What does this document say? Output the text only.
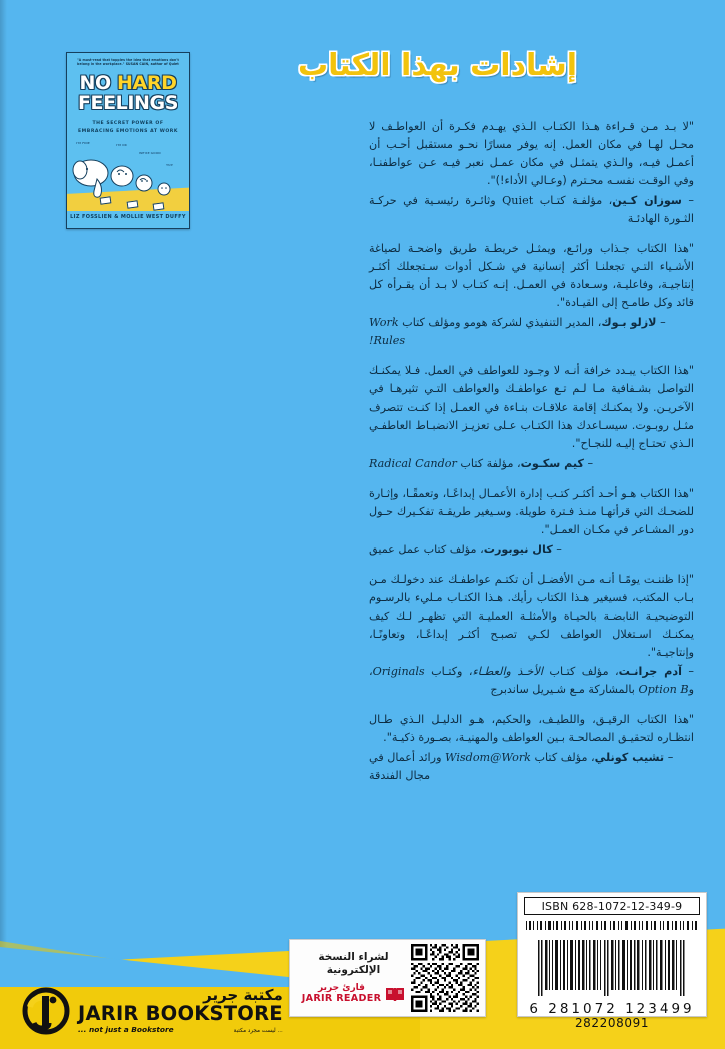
إشادات بهذا الكتاب
"A must-read that topples the idea that emotions don't belong in the workplace." SUSAN CAIN, author of Quiet
NO HARD
FEELINGS
THE SECRET POWER OF
EMBRACING EMOTIONS AT WORK
I'M FINE	I'M OK
WE'RE GOOD
YUP
LIZ FOSSLIEN & MOLLIE WEST DUFFY
"لا بـد مـن قـراءة هـذا الكتـاب الـذي يهـدم فكـرة أن العواطـف لا محـل لهـا في مكان العمل. إنه يوفر مسارًا نحـو مستقبل أحـب أن أعمـل فيـه، والـذي يتمثـل في مكان عمـل نعبر فيـه عـن عواطفنـا، وفي الوقـت نفسـه محـترم (وعـالي الأداء!)".
– سوزان كـين، مؤلفـة كتـاب Quiet وثائـرة رئيسـية في حركـة الثـورة الهادئـة
"هذا الكتاب جـذاب ورائـع، ويمثـل خريطـة طريق واضحـة لصياغة الأشـياء التـي تجعلنـا أكثر إنسانية في شـكل أدوات سـتجعلك أكثـر إنتاجيـة، وفاعليـة، وسـعادة في العمـل. إنـه كتـاب لا بـد أن يقـرأه كل قائد وكل طامـح إلى القيـادة".
– لازلو بـوك، المدير التنفيذي لشركة هومو ومؤلف كتاب Work Rules!
"هذا الكتاب يبـدد خرافة أنـه لا وجـود للعواطف في العمل. فـلا يمكنـك التواصل بشـفافية مـا لـم تـع عواطفـك والعواطف التـي تثيرهـا في الآخريـن. ولا يمكنـك إقامة علاقـات بنـاءة في العمـل إذا كنـت تتصرف مثـل روبـوت. سيسـاعدك هذا الكتـاب عـلى تعزيـز الانضبـاط العاطفـي الـذي تحتـاج إليـه للنجـاح".
– كيم سكـوت، مؤلفة كتاب Radical Candor
"هذا الكتاب هـو أحـد أكثـر كتـب إدارة الأعمـال إبداعًـا، وتعمقًـا، وإثـارة للضحـك التي قرأتهـا منـذ فـترة طويلة. وسـيغير طريقـة تفكـيرك حـول دور المشـاعر في مكـان العمـل".
– كال نيوبورت، مؤلف كتاب عمل عميق
"إذا ظننـت يومًـا أنـه مـن الأفضـل أن تكتـم عواطفـك عند دخولـك مـن بـاب المكتب، فسيغير هـذا الكتاب رأيك. هـذا الكتـاب مـليء بالرسـوم التوضيحيـة النابضـة بالحيـاة والأمثلـة العمليـة التي تظهـر لـك كيف يمكنـك اسـتغلال العواطف لكـي تصبـح أكثـر إبداعًـا، وتعاونًـا، وإنتاجيـة".
– آدم جرانـت، مؤلف كتـاب الأخـذ والعطـاء، وكتـاب Originals، وOption B بالمشاركة مـع شـيريل ساندبرج
"هذا الكتاب الرقيـق، واللطيـف، والحكيم، هـو الدليـل الـذي طـال انتظـاره لتحقيـق المصالحـة بـين العواطف والمهنيـة، بصـورة ذكيـة".
– تشيب كونلي، مؤلف كتاب Wisdom@Work ورائد أعمال في مجال الفندقة
مكتبة جرير
JARIR BOOKSTORE
... not just a Bookstore	... ليست مجرد مكتبة
لشراء النسخة
الإلكترونية
قارئ جرير
JARIR READER
ISBN 628-1072-12-349-9
6 281072 123499
282208091
